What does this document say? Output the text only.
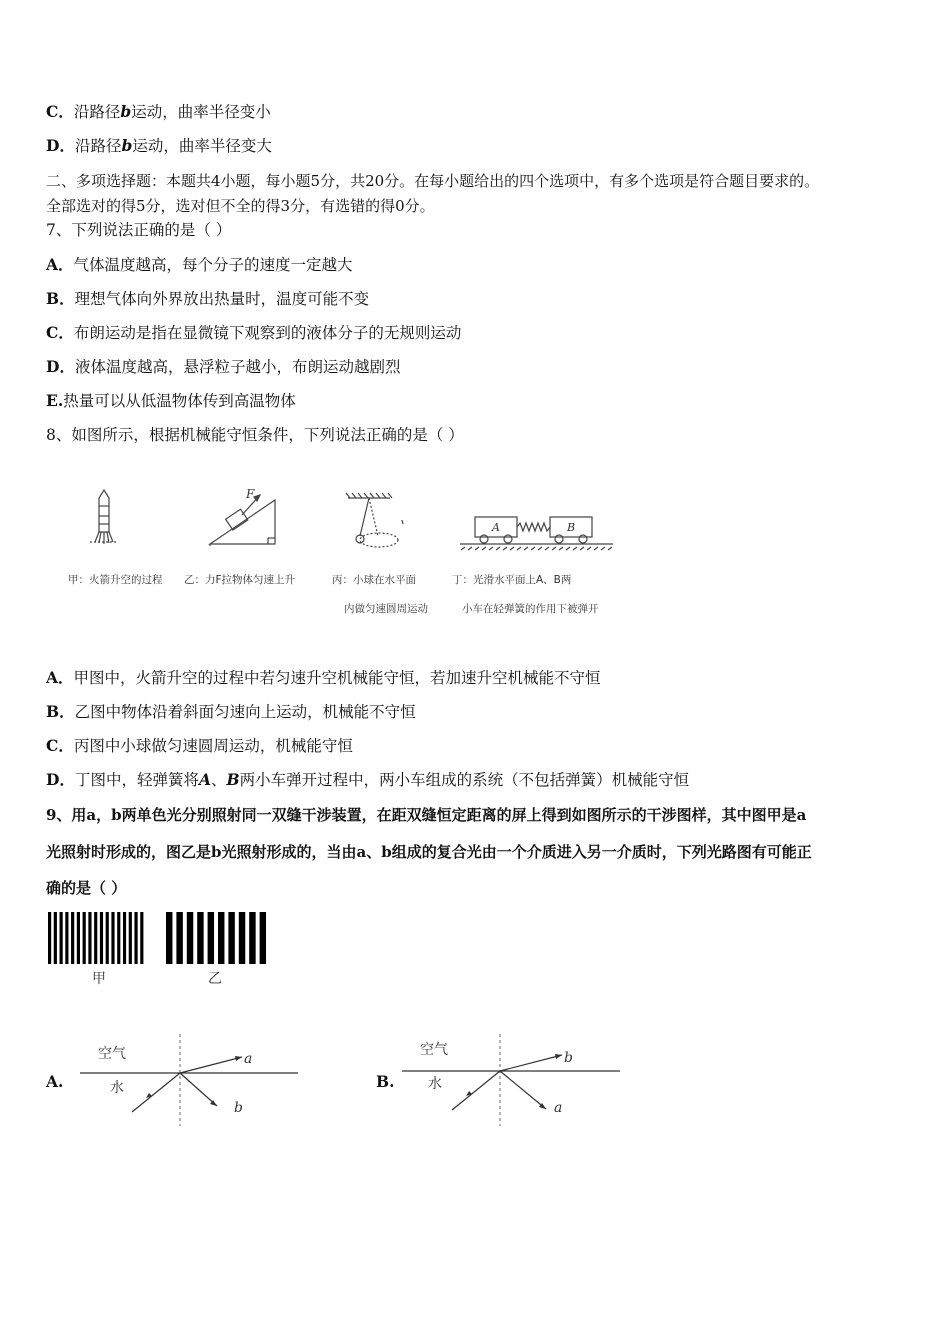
C．沿路径b运动，曲率半径变小
D．沿路径b运动，曲率半径变大
二、多项选择题：本题共4小题，每小题5分，共20分。在每小题给出的四个选项中，有多个选项是符合题目要求的。
全部选对的得5分，选对但不全的得3分，有选错的得0分。
7、下列说法正确的是（ ）
A．气体温度越高，每个分子的速度一定越大
B．理想气体向外界放出热量时，温度可能不变
C．布朗运动是指在显微镜下观察到的液体分子的无规则运动
D．液体温度越高，悬浮粒子越小，布朗运动越剧烈
E.热量可以从低温物体传到高温物体
8、如图所示，根据机械能守恒条件，下列说法正确的是（ ）
F
A	B
甲：火箭升空的过程 乙：力F拉物体匀速上升	丙：小球在水平面
内做匀速圆周运动
丁：光滑水平面上A、B两
小车在轻弹簧的作用下被弹开
A．甲图中，火箭升空的过程中若匀速升空机械能守恒，若加速升空机械能不守恒
B．乙图中物体沿着斜面匀速向上运动，机械能不守恒
C．丙图中小球做匀速圆周运动，机械能守恒
D．丁图中，轻弹簧将A、B两小车弹开过程中，两小车组成的系统（不包括弹簧）机械能守恒
9、用a，b两单色光分别照射同一双缝干涉装置，在距双缝恒定距离的屏上得到如图所示的干涉图样，其中图甲是a
光照射时形成的，图乙是b光照射形成的，当由a、b组成的复合光由一个介质进入另一介质时，下列光路图有可能正
确的是（ ）
甲	乙
A.
空气
水
a
b
B.
空气
水
b
a
